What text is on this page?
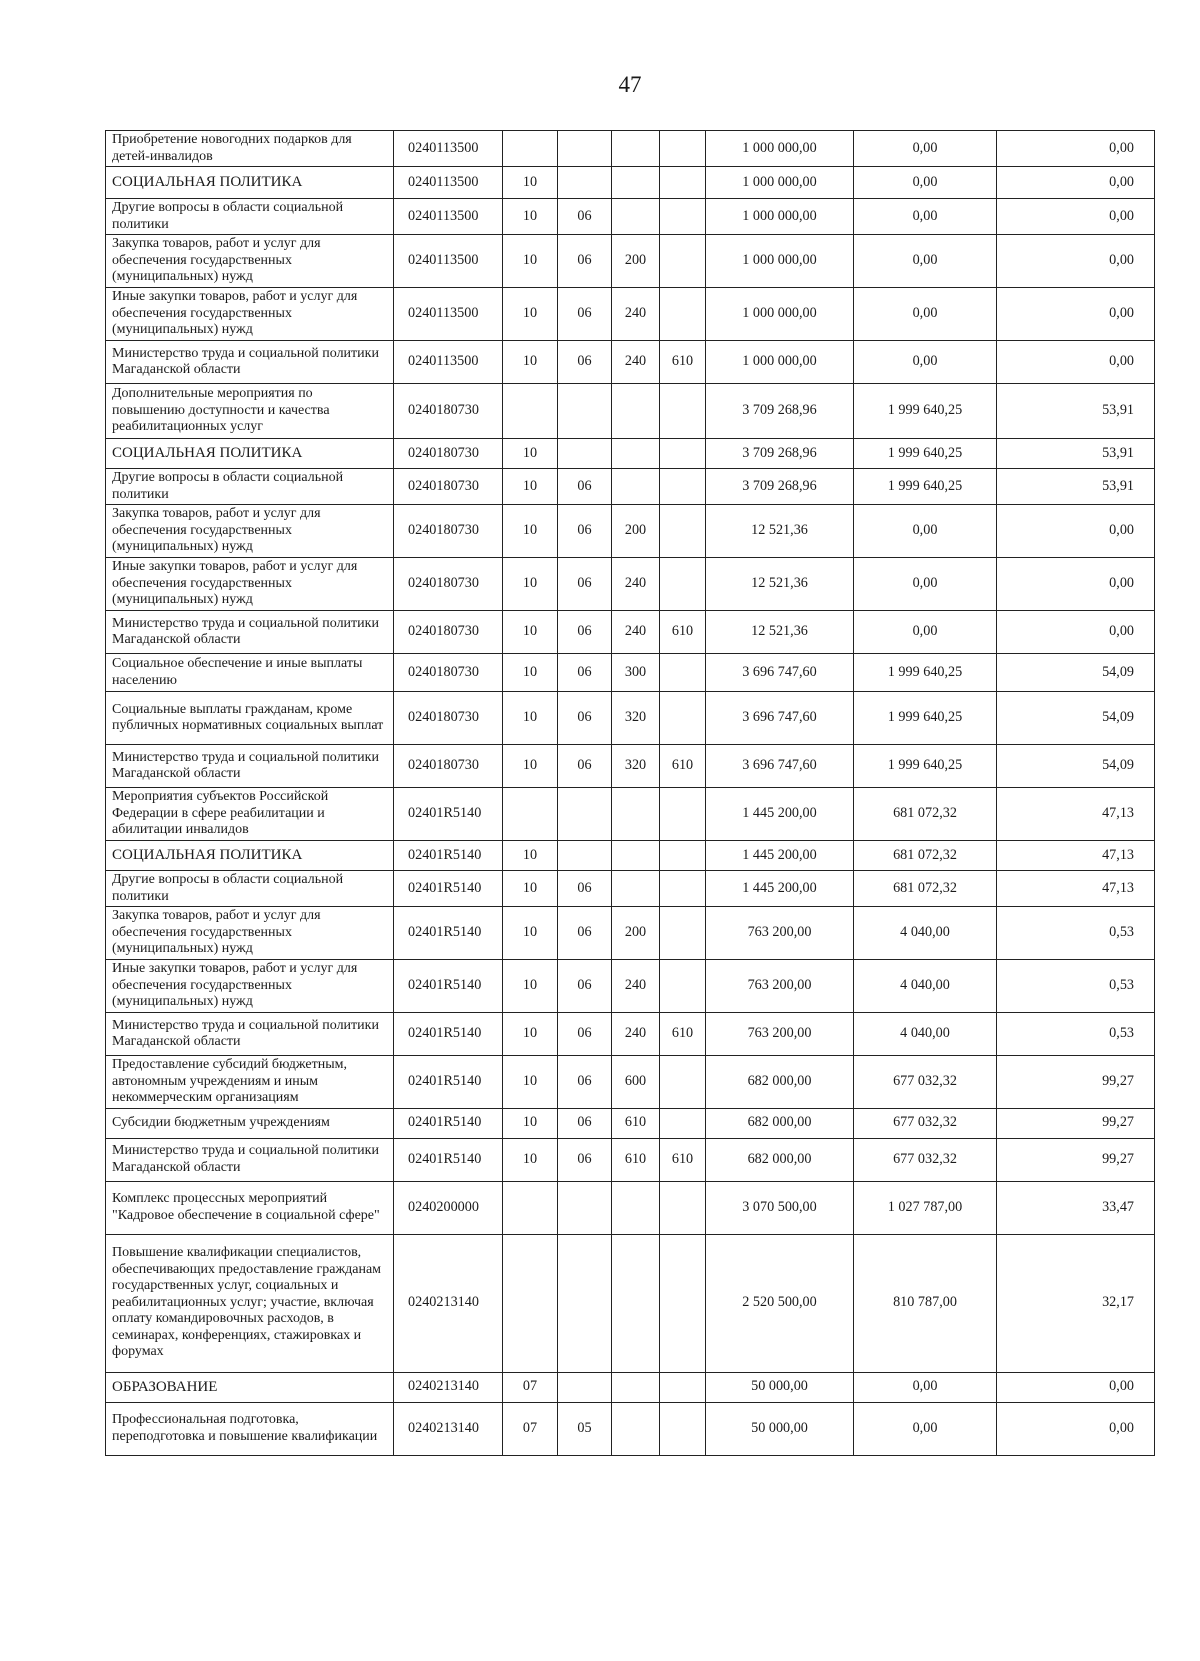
47
Приобретение новогодних подарков для детей-инвалидов	0240113500					1 000 000,00	0,00	0,00
СОЦИАЛЬНАЯ ПОЛИТИКА	0240113500	10				1 000 000,00	0,00	0,00
Другие вопросы в области социальной политики	0240113500	10	06			1 000 000,00	0,00	0,00
Закупка товаров, работ и услуг для обеспечения государственных (муниципальных) нужд	0240113500	10	06	200		1 000 000,00	0,00	0,00
Иные закупки товаров, работ и услуг для обеспечения государственных (муниципальных) нужд	0240113500	10	06	240		1 000 000,00	0,00	0,00
Министерство труда и социальной политики Магаданской области	0240113500	10	06	240	610	1 000 000,00	0,00	0,00
Дополнительные мероприятия по повышению доступности и качества реабилитационных услуг	0240180730					3 709 268,96	1 999 640,25	53,91
СОЦИАЛЬНАЯ ПОЛИТИКА	0240180730	10				3 709 268,96	1 999 640,25	53,91
Другие вопросы в области социальной политики	0240180730	10	06			3 709 268,96	1 999 640,25	53,91
Закупка товаров, работ и услуг для обеспечения государственных (муниципальных) нужд	0240180730	10	06	200		12 521,36	0,00	0,00
Иные закупки товаров, работ и услуг для обеспечения государственных (муниципальных) нужд	0240180730	10	06	240		12 521,36	0,00	0,00
Министерство труда и социальной политики Магаданской области	0240180730	10	06	240	610	12 521,36	0,00	0,00
Социальное обеспечение и иные выплаты населению	0240180730	10	06	300		3 696 747,60	1 999 640,25	54,09
Социальные выплаты гражданам, кроме публичных нормативных социальных выплат	0240180730	10	06	320		3 696 747,60	1 999 640,25	54,09
Министерство труда и социальной политики Магаданской области	0240180730	10	06	320	610	3 696 747,60	1 999 640,25	54,09
Мероприятия субъектов Российской Федерации в сфере реабилитации и абилитации инвалидов	02401R5140					1 445 200,00	681 072,32	47,13
СОЦИАЛЬНАЯ ПОЛИТИКА	02401R5140	10				1 445 200,00	681 072,32	47,13
Другие вопросы в области социальной политики	02401R5140	10	06			1 445 200,00	681 072,32	47,13
Закупка товаров, работ и услуг для обеспечения государственных (муниципальных) нужд	02401R5140	10	06	200		763 200,00	4 040,00	0,53
Иные закупки товаров, работ и услуг для обеспечения государственных (муниципальных) нужд	02401R5140	10	06	240		763 200,00	4 040,00	0,53
Министерство труда и социальной политики Магаданской области	02401R5140	10	06	240	610	763 200,00	4 040,00	0,53
Предоставление субсидий бюджетным, автономным учреждениям и иным некоммерческим организациям	02401R5140	10	06	600		682 000,00	677 032,32	99,27
Субсидии бюджетным учреждениям	02401R5140	10	06	610		682 000,00	677 032,32	99,27
Министерство труда и социальной политики Магаданской области	02401R5140	10	06	610	610	682 000,00	677 032,32	99,27
Комплекс процессных мероприятий "Кадровое обеспечение в социальной сфере"	0240200000					3 070 500,00	1 027 787,00	33,47
Повышение квалификации специалистов, обеспечивающих предоставление гражданам государственных услуг, социальных и реабилитационных услуг; участие, включая оплату командировочных расходов, в семинарах, конференциях, стажировках и форумах	0240213140					2 520 500,00	810 787,00	32,17
ОБРАЗОВАНИЕ	0240213140	07				50 000,00	0,00	0,00
Профессиональная подготовка, переподготовка и повышение квалификации	0240213140	07	05			50 000,00	0,00	0,00
